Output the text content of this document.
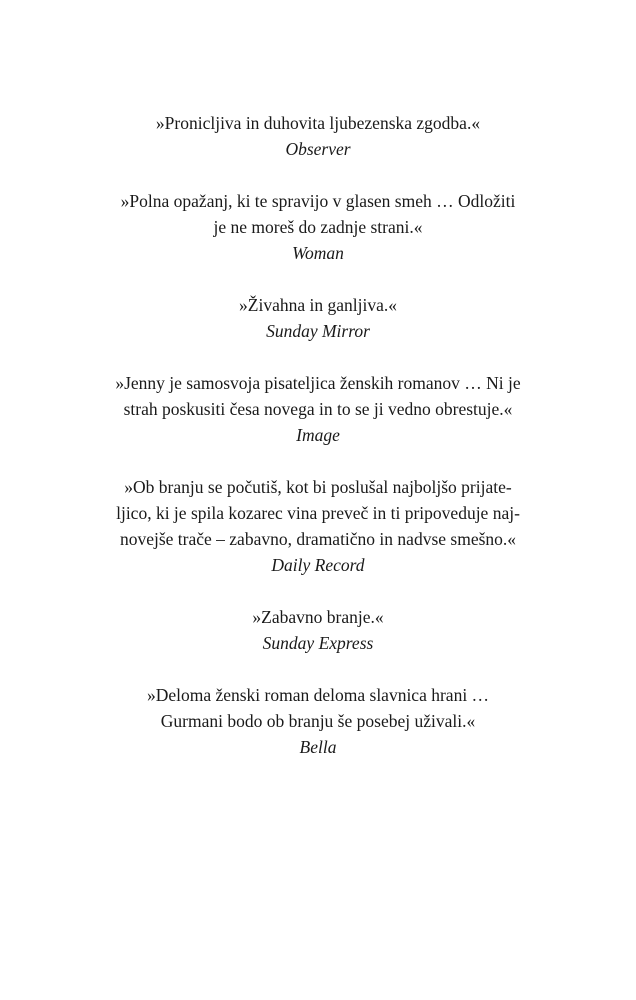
»Pronicljiva in duhovita ljubezenska zgodba.«
Observer
»Polna opažanj, ki te spravijo v glasen smeh … Odložiti
je ne moreš do zadnje strani.«
Woman
»Živahna in ganljiva.«
Sunday Mirror
»Jenny je samosvoja pisateljica ženskih romanov … Ni je
strah poskusiti česa novega in to se ji vedno obrestuje.«
Image
»Ob branju se počutiš, kot bi poslušal najboljšo prijate-
ljico, ki je spila kozarec vina preveč in ti pripoveduje naj-
novejše trače – zabavno, dramatično in nadvse smešno.«
Daily Record
»Zabavno branje.«
Sunday Express
»Deloma ženski roman deloma slavnica hrani …
Gurmani bodo ob branju še posebej uživali.«
Bella
